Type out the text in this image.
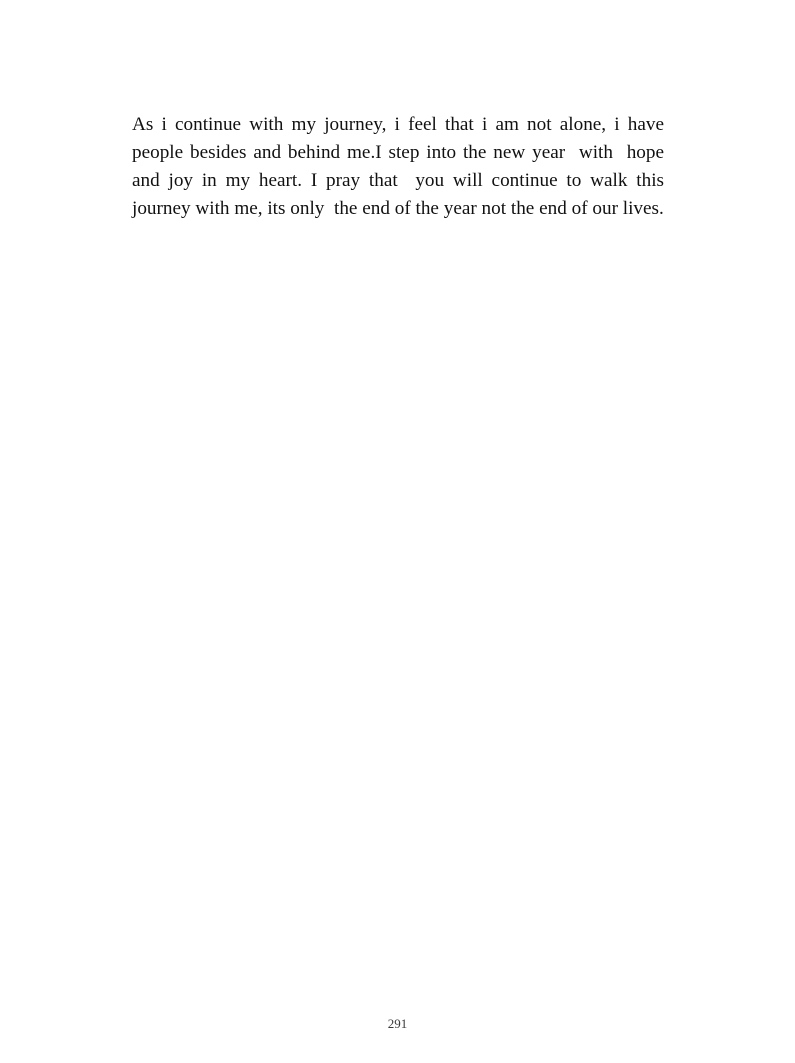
As i continue with my journey, i feel that i am not alone, i have people besides and behind me.I step into the new year  with  hope and joy in my heart. I pray that  you will continue to walk this journey with me, its only  the end of the year not the end of our lives.

291
